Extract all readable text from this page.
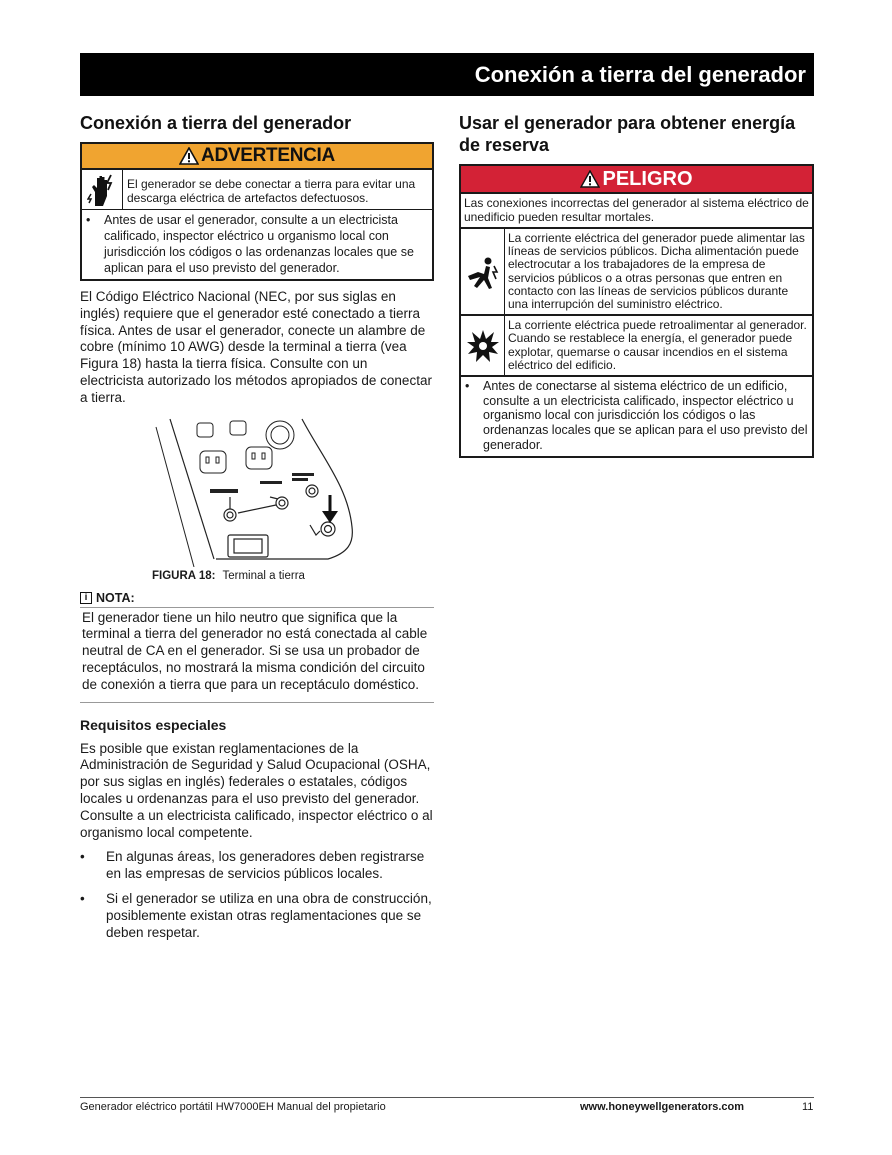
Conexión a tierra del generador
Conexión a tierra del generador
ADVERTENCIA
El generador se debe conectar a tierra para evitar una descarga eléctrica de artefactos defectuosos.
•	Antes de usar el generador, consulte a un electricista calificado, inspector eléctrico u organismo local con jurisdicción los códigos o las ordenanzas locales que se aplican para el uso previsto del generador.

El Código Eléctrico Nacional (NEC, por sus siglas en inglés) requiere que el generador esté conectado a tierra física. Antes de usar el generador, conecte un alambre de cobre (mínimo 10 AWG) desde la terminal a tierra (vea Figura 18) hasta la tierra física. Consulte con un electricista autorizado los métodos apropiados de conectar a tierra.

FIGURA 18: Terminal a tierra
i NOTA:
El generador tiene un hilo neutro que significa que la terminal a tierra del generador no está conectada al cable neutral de CA en el generador. Si se usa un probador de receptáculos, no mostrará la misma condición del circuito de conexión a tierra que para un receptáculo doméstico.
Requisitos especiales

Es posible que existan reglamentaciones de la Administración de Seguridad y Salud Ocupacional (OSHA, por sus siglas en inglés) federales o estatales, códigos locales u ordenanzas para el uso previsto del generador. Consulte a un electricista calificado, inspector eléctrico o al organismo local competente.

•	En algunas áreas, los generadores deben registrarse en las empresas de servicios públicos locales.
•	Si el generador se utiliza en una obra de construcción, posiblemente existan otras reglamentaciones que se deben respetar.
Usar el generador para obtener energía de reserva
PELIGRO
Las conexiones incorrectas del generador al sistema eléctrico de unedificio pueden resultar mortales.
La corriente eléctrica del generador puede alimentar las líneas de servicios públicos. Dicha alimentación puede electrocutar a los trabajadores de la empresa de servicios públicos o a otras personas que entren en contacto con las líneas de servicios públicos durante una interrupción del suministro eléctrico.
La corriente eléctrica puede retroalimentar al generador. Cuando se restablece la energía, el generador puede explotar, quemarse o causar incendios en el sistema eléctrico del edificio.
•	Antes de conectarse al sistema eléctrico de un edificio, consulte a un electricista calificado, inspector eléctrico u organismo local con jurisdicción los códigos o las ordenanzas locales que se aplican para el uso previsto del generador.
Generador eléctrico portátil HW7000EH Manual del propietario	www.honeywellgenerators.com	11
